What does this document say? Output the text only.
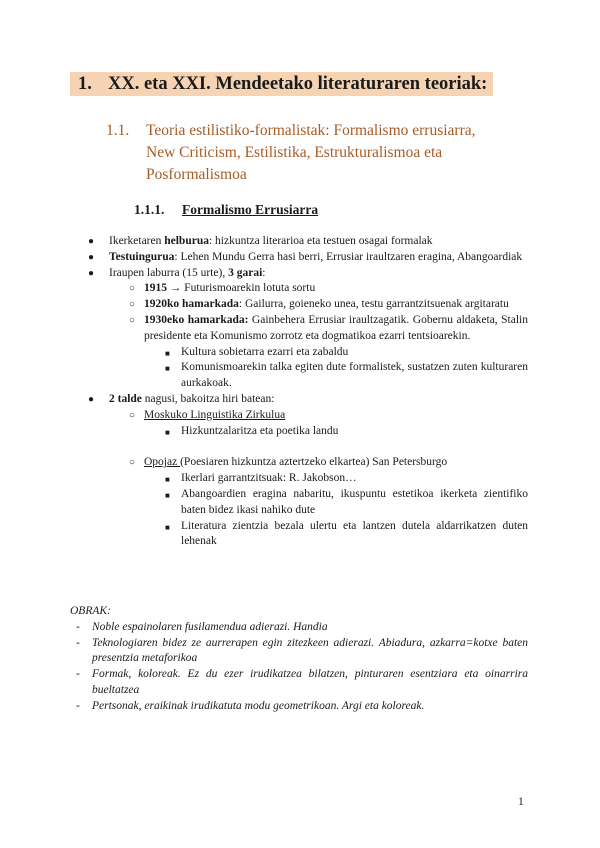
1. XX. eta XXI. Mendeetako literaturaren teoriak:
1.1. Teoria estilistiko-formalistak: Formalismo errusiarra, New Criticism, Estilistika, Estrukturalismoa eta Posformalismoa
1.1.1. Formalismo Errusiarra
● Ikerketaren helburua: hizkuntza literarioa eta testuen osagai formalak
● Testuingurua: Lehen Mundu Gerra hasi berri, Errusiar iraultzaren eragina, Abangoardiak
● Iraupen laburra (15 urte), 3 garai:
○ 1915 → Futurismoarekin lotuta sortu
○ 1920ko hamarkada: Gailurra, goieneko unea, testu garrantzitsuenak argitaratu
○ 1930eko hamarkada: Gainbehera Errusiar iraultzagatik. Gobernu aldaketa, Stalin presidente eta Komunismo zorrotz eta dogmatikoa ezarri tentsioarekin.
■ Kultura sobietarra ezarri eta zabaldu
■ Komunismoarekin talka egiten dute formalistek, sustatzen zuten kulturaren aurkakoak.
● 2 talde nagusi, bakoitza hiri batean:
○ Moskuko Linguistika Zirkulua
■ Hizkuntzalaritza eta poetika landu
○ Opojaz (Poesiaren hizkuntza aztertzeko elkartea) San Petersburgo
■ Ikerlari garrantzitsuak: R. Jakobson…
■ Abangoardien eragina nabaritu, ikuspuntu estetikoa ikerketa zientifiko baten bidez ikasi nahiko dute
■ Literatura zientzia bezala ulertu eta lantzen dutela aldarrikatzen duten lehenak
OBRAK:
- Noble espainolaren fusilamendua adierazi. Handia
- Teknologiaren bidez ze aurrerapen egin zitezkeen adierazi. Abiadura, azkarra=kotxe baten presentzia metaforikoa
- Formak, koloreak. Ez du ezer irudikatzea bilatzen, pinturaren esentziara eta oinarrira bueltatzea
- Pertsonak, eraikinak irudikatuta modu geometrikoan. Argi eta koloreak.
1
